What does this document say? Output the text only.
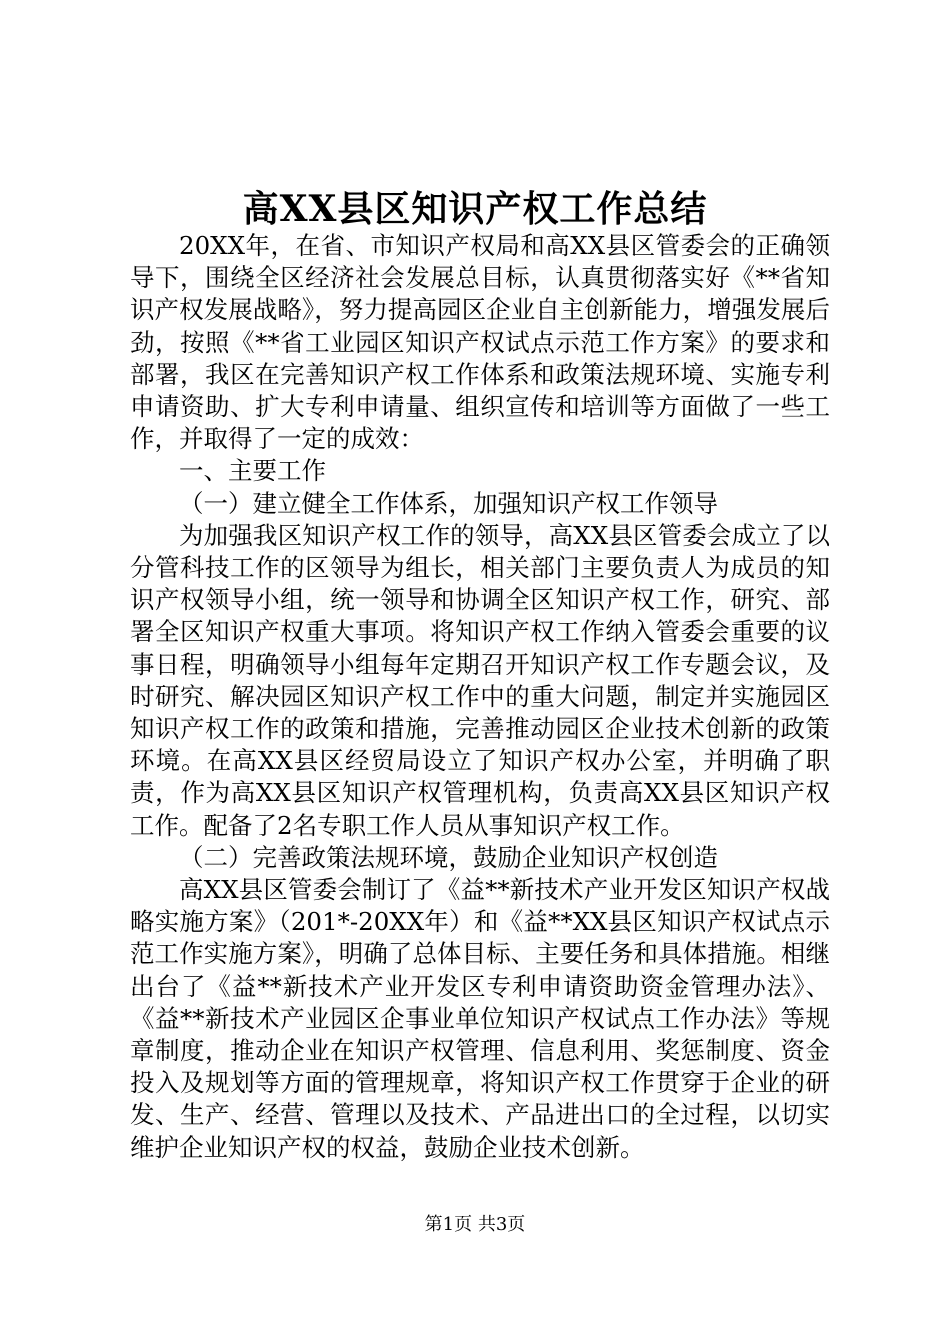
高XX县区知识产权工作总结

20XX年，在省、市知识产权局和高XX县区管委会的正确领导下，围绕全区经济社会发展总目标，认真贯彻落实好《**省知识产权发展战略》，努力提高园区企业自主创新能力，增强发展后劲，按照《**省工业园区知识产权试点示范工作方案》的要求和部署，我区在完善知识产权工作体系和政策法规环境、实施专利申请资助、扩大专利申请量、组织宣传和培训等方面做了一些工作，并取得了一定的成效：

一、主要工作

（一）建立健全工作体系，加强知识产权工作领导

为加强我区知识产权工作的领导，高XX县区管委会成立了以分管科技工作的区领导为组长，相关部门主要负责人为成员的知识产权领导小组，统一领导和协调全区知识产权工作，研究、部署全区知识产权重大事项。将知识产权工作纳入管委会重要的议事日程，明确领导小组每年定期召开知识产权工作专题会议，及时研究、解决园区知识产权工作中的重大问题，制定并实施园区知识产权工作的政策和措施，完善推动园区企业技术创新的政策环境。在高XX县区经贸局设立了知识产权办公室，并明确了职责，作为高XX县区知识产权管理机构，负责高XX县区知识产权工作。配备了2名专职工作人员从事知识产权工作。

（二）完善政策法规环境，鼓励企业知识产权创造

高XX县区管委会制订了《益**新技术产业开发区知识产权战略实施方案》（201*-20XX年）和《益**XX县区知识产权试点示范工作实施方案》，明确了总体目标、主要任务和具体措施。相继出台了《益**新技术产业开发区专利申请资助资金管理办法》、《益**新技术产业园区企事业单位知识产权试点工作办法》等规章制度，推动企业在知识产权管理、信息利用、奖惩制度、资金投入及规划等方面的管理规章，将知识产权工作贯穿于企业的研发、生产、经营、管理以及技术、产品进出口的全过程，以切实维护企业知识产权的权益，鼓励企业技术创新。

第1页 共3页
